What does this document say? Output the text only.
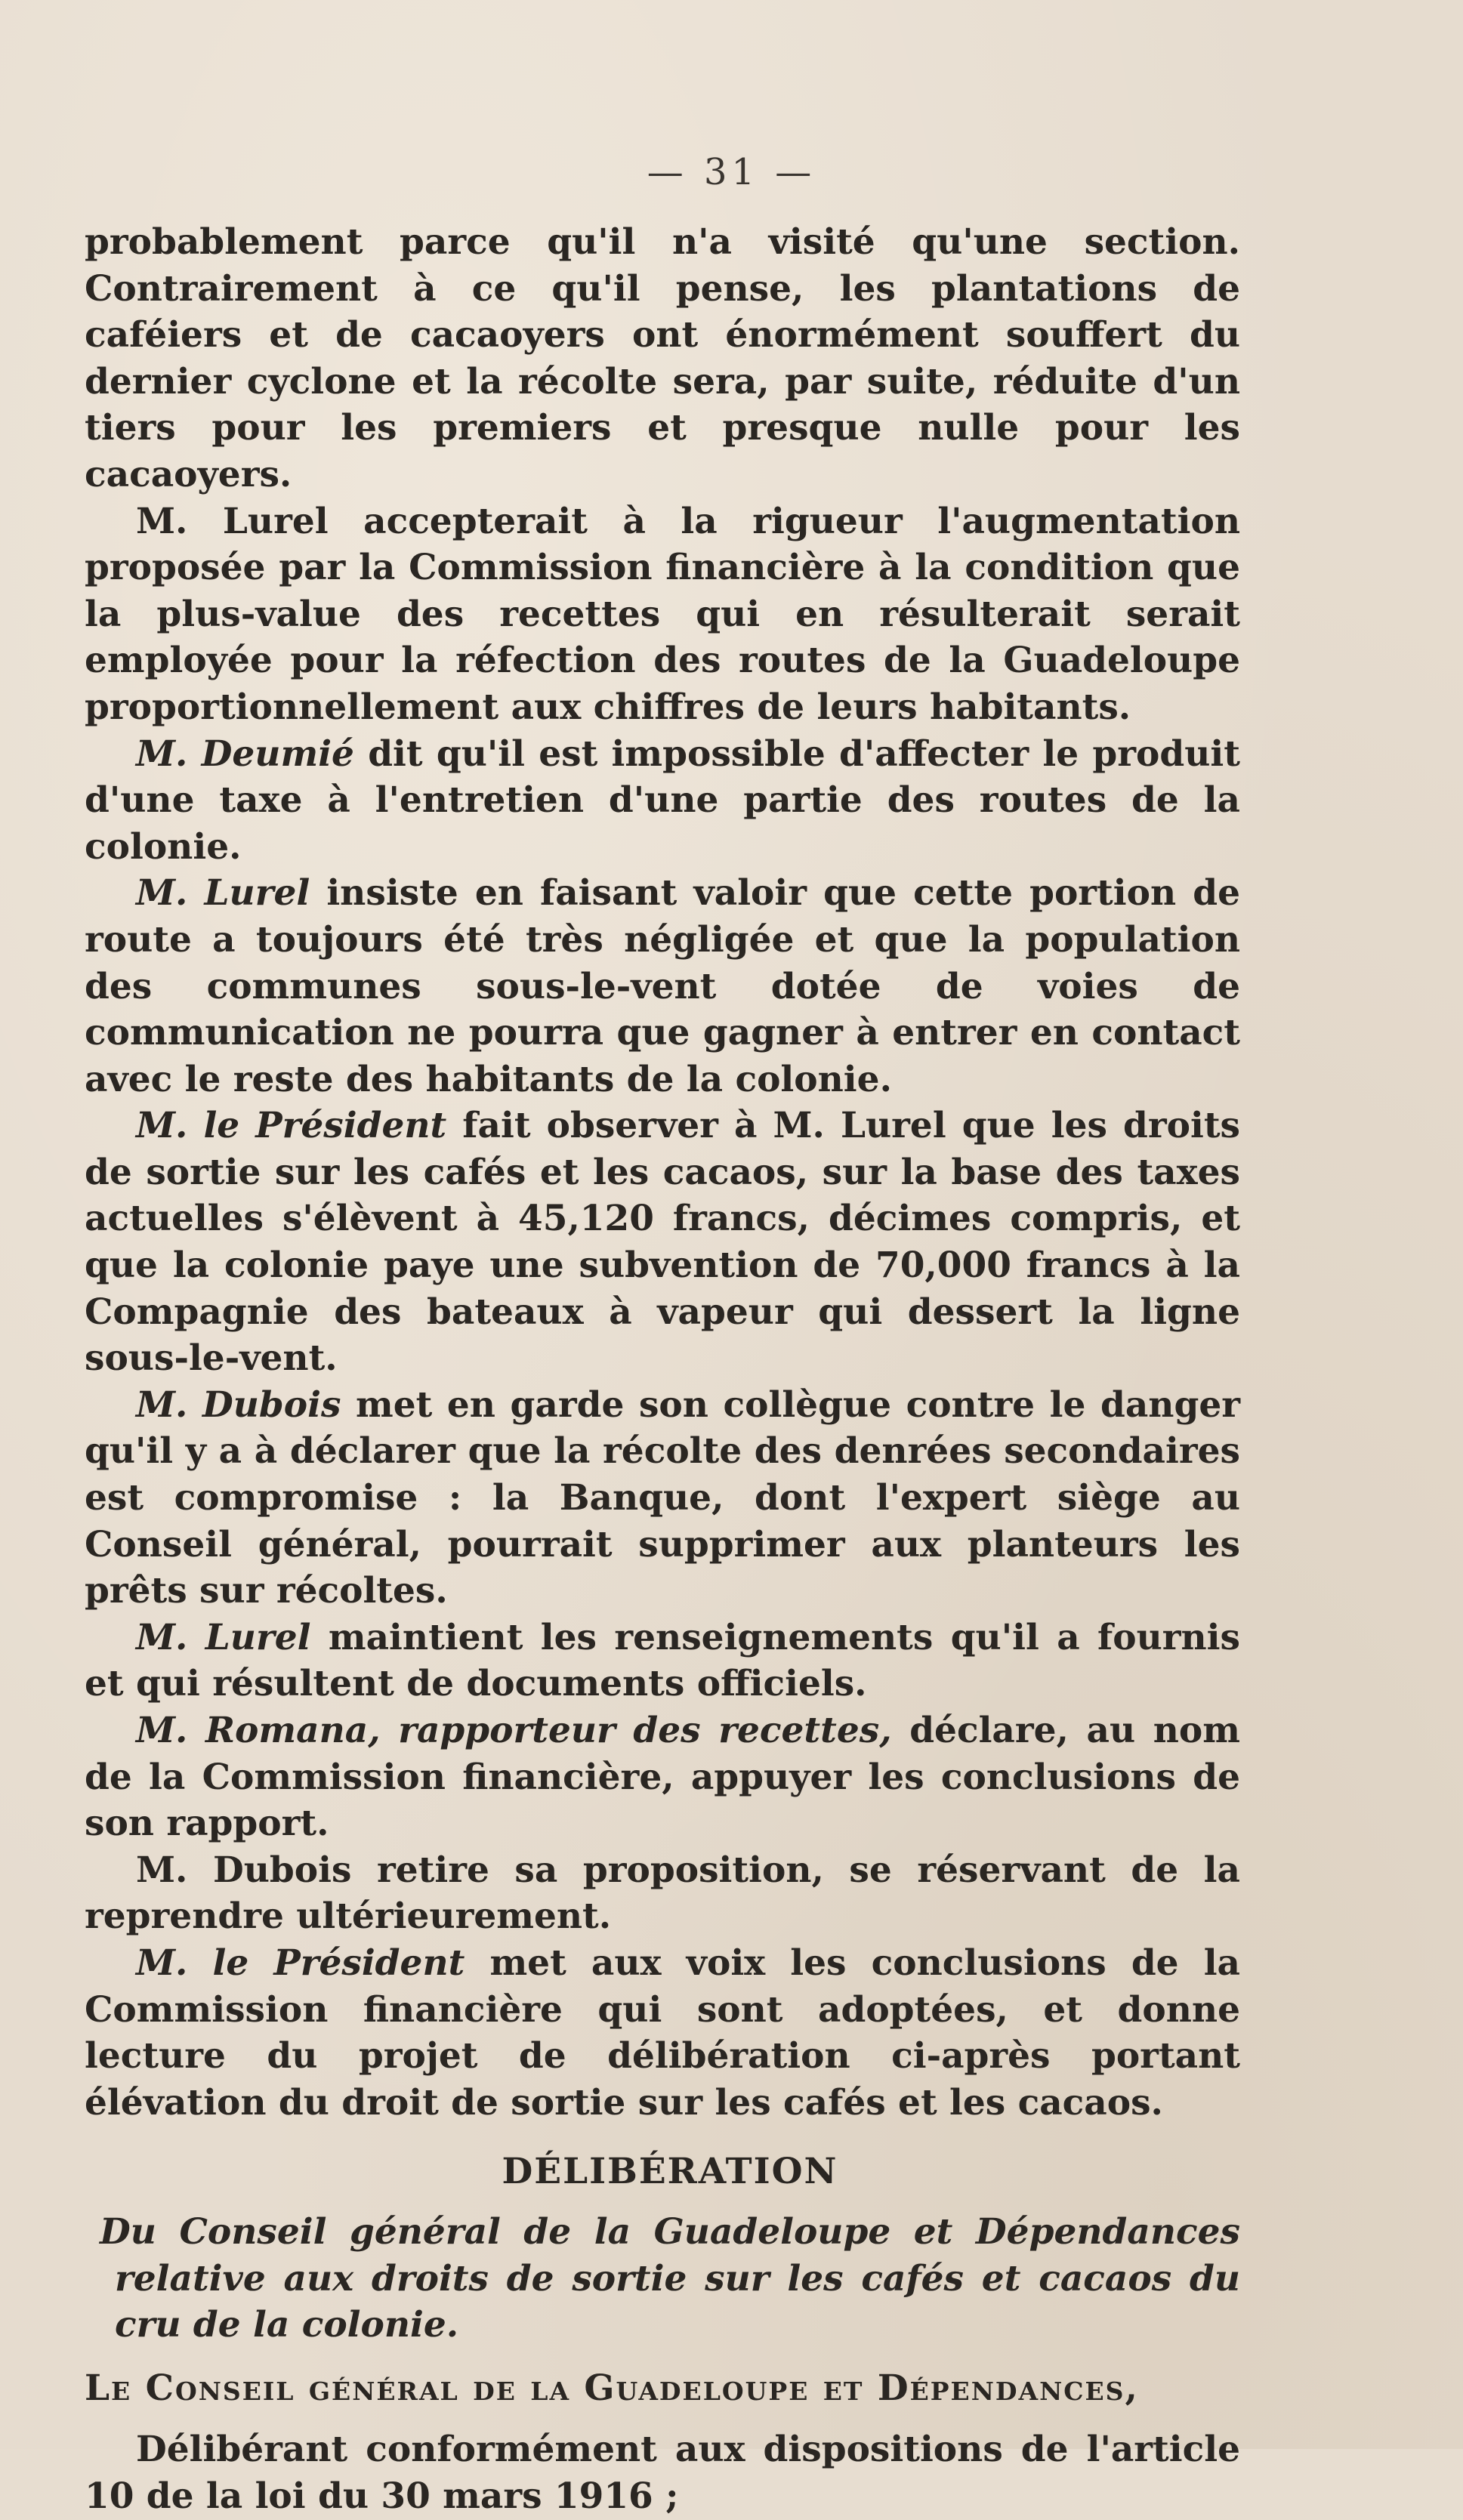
— 31 —

probablement parce qu'il n'a visité qu'une section. Contrairement à ce qu'il pense, les plantations de caféiers et de cacaoyers ont énormément souffert du dernier cyclone et la récolte sera, par suite, réduite d'un tiers pour les premiers et presque nulle pour les cacaoyers.

M. Lurel accepterait à la rigueur l'augmentation proposée par la Commission financière à la condition que la plus-value des recettes qui en résulterait serait employée pour la réfection des routes de la Guadeloupe proportionnellement aux chiffres de leurs habitants.

M. Deumié dit qu'il est impossible d'affecter le produit d'une taxe à l'entretien d'une partie des routes de la colonie.

M. Lurel insiste en faisant valoir que cette portion de route a toujours été très négligée et que la population des communes sous-le-vent dotée de voies de communication ne pourra que gagner à entrer en contact avec le reste des habitants de la colonie.

M. le Président fait observer à M. Lurel que les droits de sortie sur les cafés et les cacaos, sur la base des taxes actuelles s'élèvent à 45,120 francs, décimes compris, et que la colonie paye une subvention de 70,000 francs à la Compagnie des bateaux à vapeur qui dessert la ligne sous-le-vent.

M. Dubois met en garde son collègue contre le danger qu'il y a à déclarer que la récolte des denrées secondaires est compromise : la Banque, dont l'expert siège au Conseil général, pourrait supprimer aux planteurs les prêts sur récoltes.

M. Lurel maintient les renseignements qu'il a fournis et qui résultent de documents officiels.

M. Romana, rapporteur des recettes, déclare, au nom de la Commission financière, appuyer les conclusions de son rapport.

M. Dubois retire sa proposition, se réservant de la reprendre ultérieurement.

M. le Président met aux voix les conclusions de la Commission financière qui sont adoptées, et donne lecture du projet de délibération ci-après portant élévation du droit de sortie sur les cafés et les cacaos.

DÉLIBÉRATION

Du Conseil général de la Guadeloupe et Dépendances relative aux droits de sortie sur les cafés et cacaos du cru de la colonie.

Le Conseil général de la Guadeloupe et Dépendances,

Délibérant conformément aux dispositions de l'article 10 de la loi du 30 mars 1916 ;
